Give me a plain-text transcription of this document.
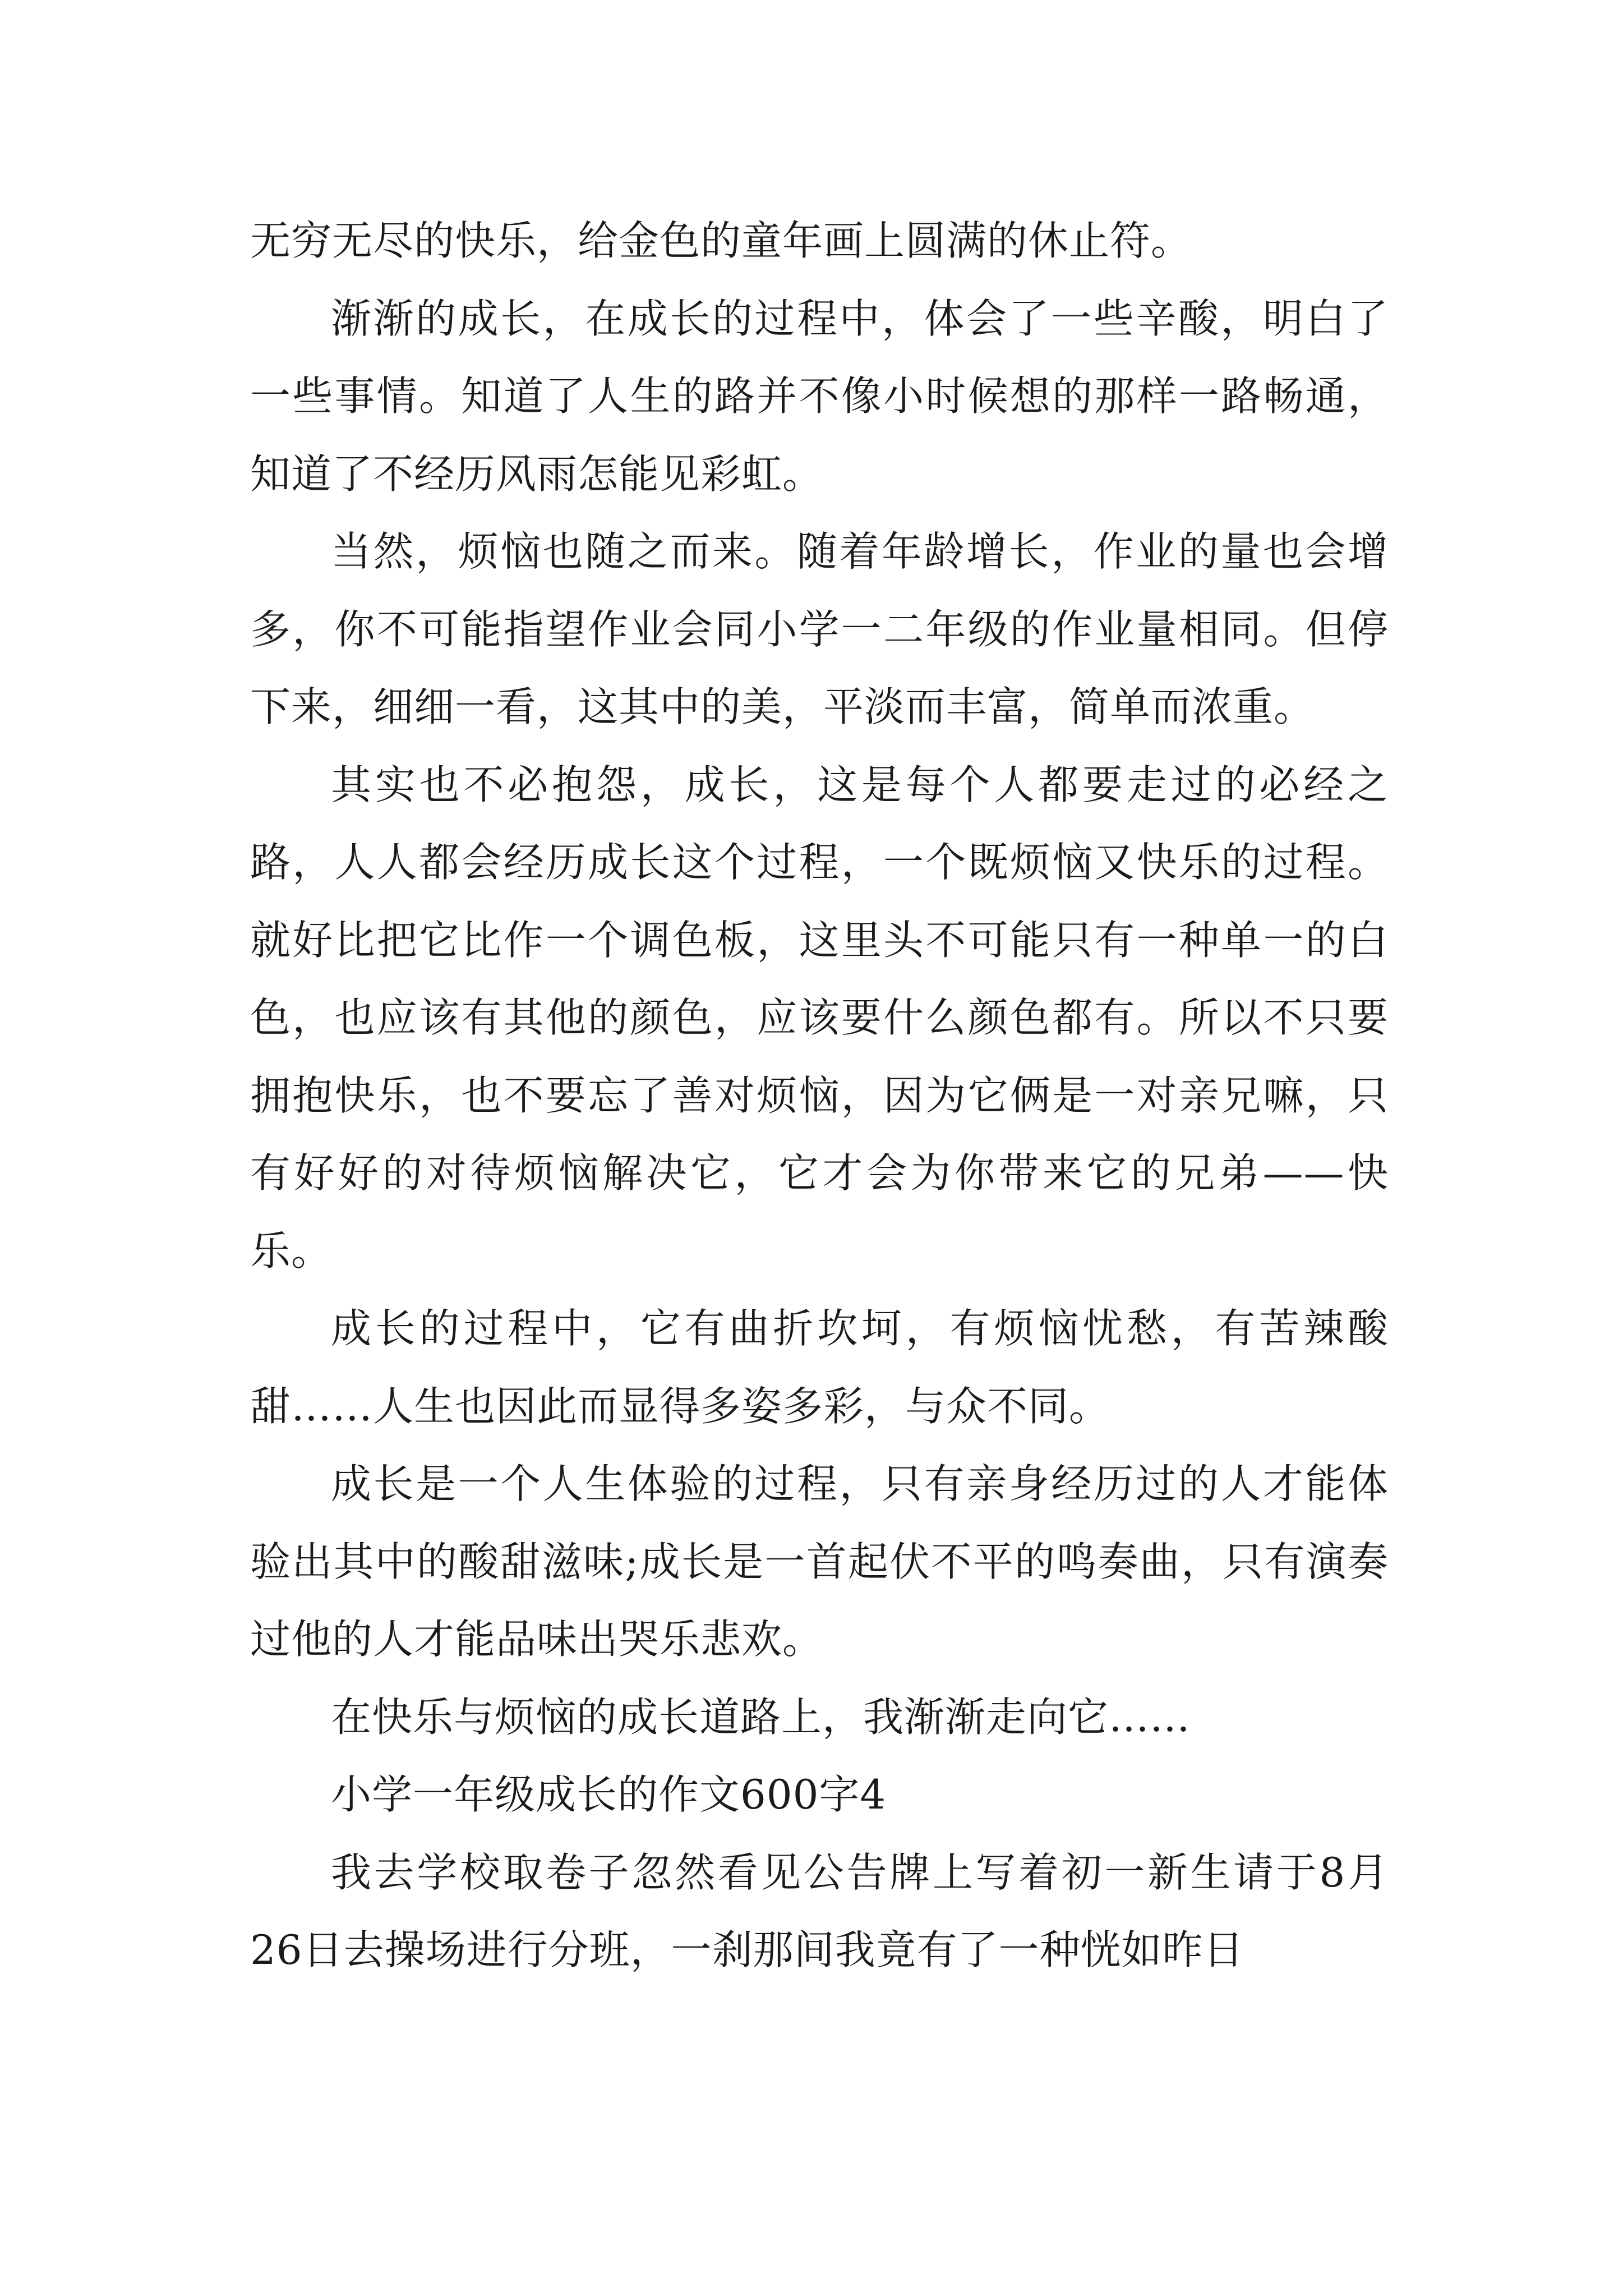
无穷无尽的快乐，给金色的童年画上圆满的休止符。

渐渐的成长，在成长的过程中，体会了一些辛酸，明白了一些事情。知道了人生的路并不像小时候想的那样一路畅通，知道了不经历风雨怎能见彩虹。

当然，烦恼也随之而来。随着年龄增长，作业的量也会增多，你不可能指望作业会同小学一二年级的作业量相同。但停下来，细细一看，这其中的美，平淡而丰富，简单而浓重。

其实也不必抱怨，成长，这是每个人都要走过的必经之路，人人都会经历成长这个过程，一个既烦恼又快乐的过程。就好比把它比作一个调色板，这里头不可能只有一种单一的白色，也应该有其他的颜色，应该要什么颜色都有。所以不只要拥抱快乐，也不要忘了善对烦恼，因为它俩是一对亲兄嘛，只有好好的对待烦恼解决它，它才会为你带来它的兄弟——快乐。

成长的过程中，它有曲折坎坷，有烦恼忧愁，有苦辣酸甜……人生也因此而显得多姿多彩，与众不同。

成长是一个人生体验的过程，只有亲身经历过的人才能体验出其中的酸甜滋味;成长是一首起伏不平的鸣奏曲，只有演奏过他的人才能品味出哭乐悲欢。

在快乐与烦恼的成长道路上，我渐渐走向它……

小学一年级成长的作文600字4

我去学校取卷子忽然看见公告牌上写着初一新生请于8月26日去操场进行分班，一刹那间我竟有了一种恍如昨日
